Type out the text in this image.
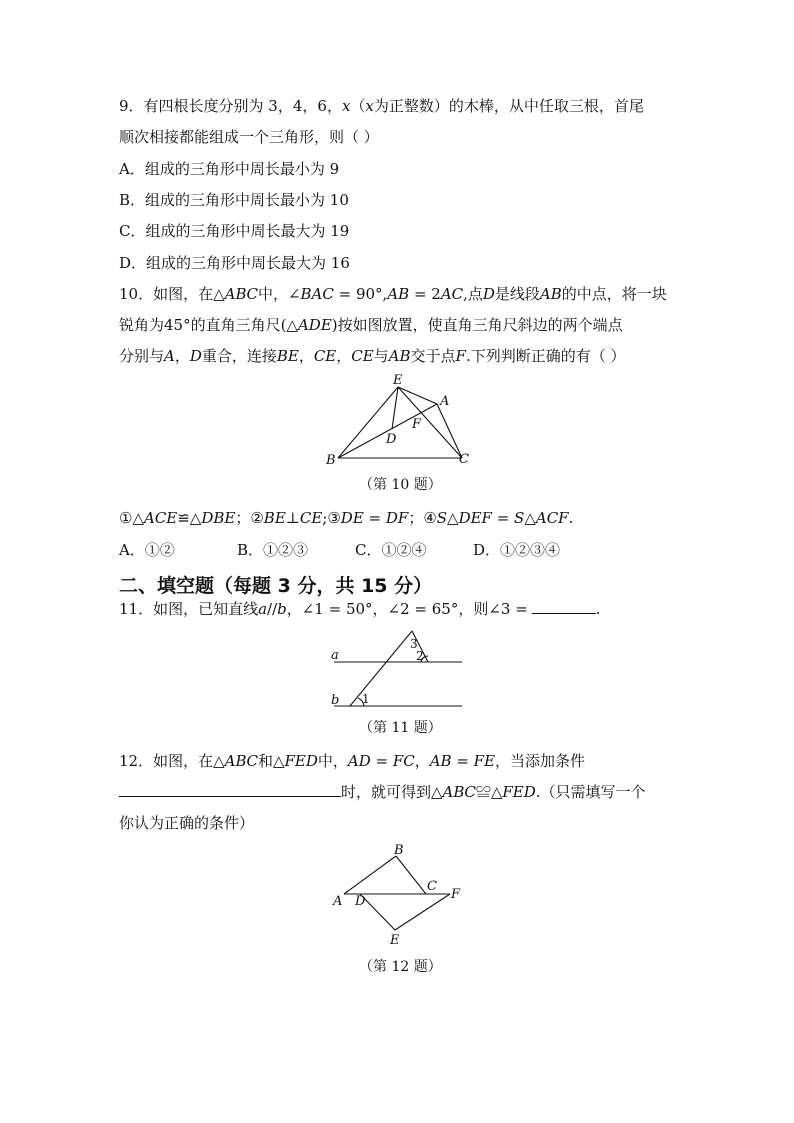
9．有四根长度分别为 3，4，6，𝑥（𝑥为正整数）的木棒，从中任取三根，首尾
顺次相接都能组成一个三角形，则（ ）
A．组成的三角形中周长最小为 9
B．组成的三角形中周长最小为 10
C．组成的三角形中周长最大为 19
D．组成的三角形中周长最大为 16
10．如图，在△𝐴𝐵𝐶中，∠𝐵𝐴𝐶 = 90°,𝐴𝐵 = 2𝐴𝐶,点𝐷是线段𝐴𝐵的中点，将一块
锐角为45°的直角三角尺(△𝐴𝐷𝐸)按如图放置，使直角三角尺斜边的两个端点
分别与𝐴，𝐷重合，连接𝐵𝐸，𝐶𝐸，𝐶𝐸与𝐴𝐵交于点𝐹.下列判断正确的有（ ）
E
A
D
F
B	C
（第 10 题）
①△𝐴𝐶𝐸≌△𝐷𝐵𝐸；②𝐵𝐸⊥𝐶𝐸;③𝐷𝐸 = 𝐷𝐹；④𝑆△𝐷𝐸𝐹 = 𝑆△𝐴𝐶𝐹.
A．①②	B．①②③	C．①②④	D．①②③④
二、填空题（每题 3 分，共 15 分）
11．如图，已知直线𝑎//𝑏，∠1 = 50°，∠2 = 65°，则∠3 =	.
a
b 1
2
3
（第 11 题）
12．如图，在△𝐴𝐵𝐶和△𝐹𝐸𝐷中，𝐴𝐷 = 𝐹𝐶，𝐴𝐵 = 𝐹𝐸，当添加条件
时，就可得到△𝐴𝐵𝐶≌△𝐹𝐸𝐷.（只需填写一个
你认为正确的条件）
B
C
F
A D
E
（第 12 题）
